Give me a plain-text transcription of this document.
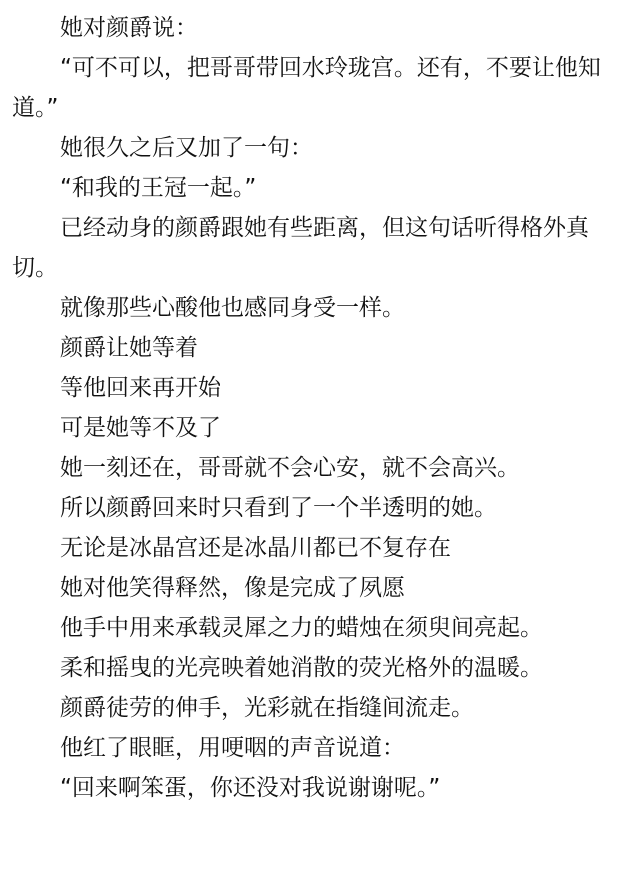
她对颜爵说：

“可不可以，把哥哥带回水玲珑宫。还有，不要让他知道。”

她很久之后又加了一句：

“和我的王冠一起。”

已经动身的颜爵跟她有些距离，但这句话听得格外真切。

就像那些心酸他也感同身受一样。

颜爵让她等着

等他回来再开始

可是她等不及了

她一刻还在，哥哥就不会心安，就不会高兴。

所以颜爵回来时只看到了一个半透明的她。

无论是冰晶宫还是冰晶川都已不复存在

她对他笑得释然，像是完成了夙愿

他手中用来承载灵犀之力的蜡烛在须臾间亮起。

柔和摇曳的光亮映着她消散的荧光格外的温暖。

颜爵徒劳的伸手，光彩就在指缝间流走。

他红了眼眶，用哽咽的声音说道：

“回来啊笨蛋，你还没对我说谢谢呢。”
